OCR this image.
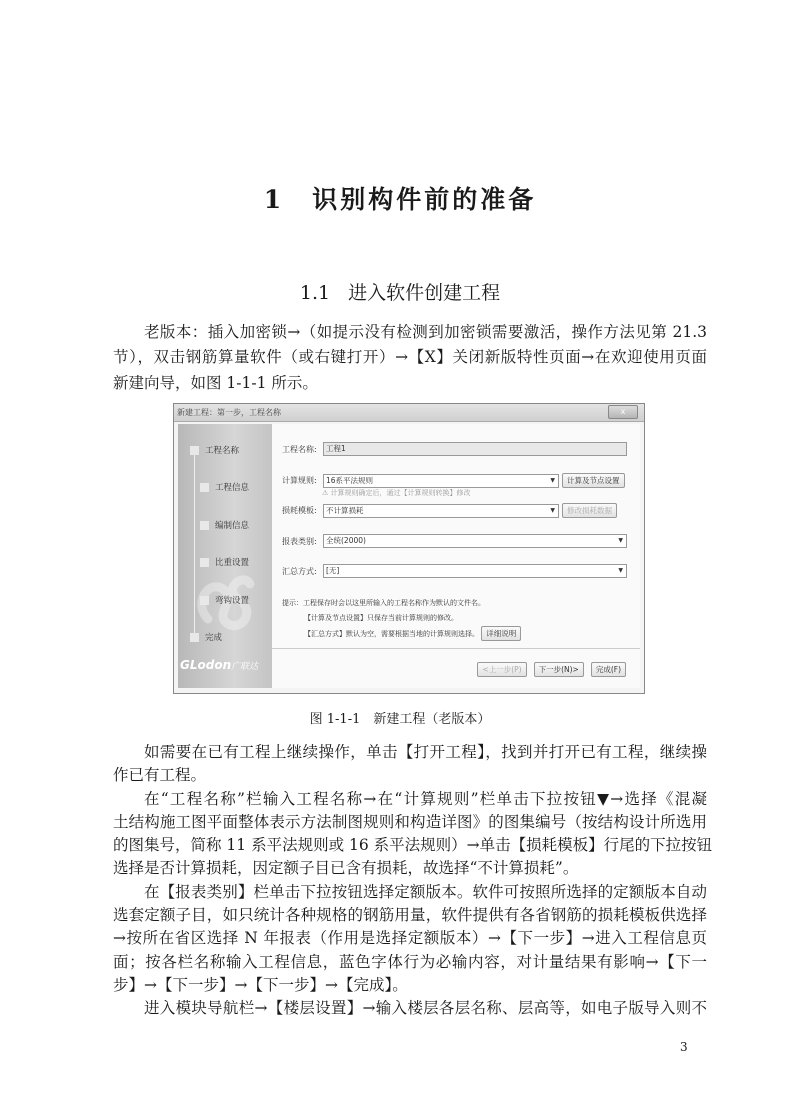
1 识别构件前的准备
1.1 进入软件创建工程
老版本：插入加密锁→（如提示没有检测到加密锁需要激活，操作方法见第 21.3
节），双击钢筋算量软件（或右键打开）→【X】关闭新版特性页面→在欢迎使用页面
新建向导，如图 1-1-1 所示。
新建工程：第一步，工程名称	x
工程名称
工程信息
编制信息
比重设置
弯钩设置
完成
GLodon广联达
工程名称:	工程1
计算规则:	16系平法规则	▼	计算及节点设置
⚠ 计算规则确定后，通过【计算规则转换】修改
损耗模板:	不计算损耗	▼	修改损耗数据
报表类别:	全统(2000)	▼
汇总方式:	[无]	▼
提示：工程保存时会以这里所输入的工程名称作为默认的文件名。
【计算及节点设置】只保存当前计算规则的修改。
【汇总方式】默认为空，需要根据当地的计算规则选择。 详细说明
<上一步(P)	下一步(N)>	完成(F)
图 1-1-1　新建工程（老版本）
如需要在已有工程上继续操作，单击【打开工程】，找到并打开已有工程，继续操
作已有工程。
在“工程名称”栏输入工程名称→在“计算规则”栏单击下拉按钮▼→选择《混凝
土结构施工图平面整体表示方法制图规则和构造详图》的图集编号（按结构设计所选用
的图集号，简称 11 系平法规则或 16 系平法规则）→单击【损耗模板】行尾的下拉按钮
选择是否计算损耗，因定额子目已含有损耗，故选择“不计算损耗”。
在【报表类别】栏单击下拉按钮选择定额版本。软件可按照所选择的定额版本自动
选套定额子目，如只统计各种规格的钢筋用量，软件提供有各省钢筋的损耗模板供选择
→按所在省区选择 N 年报表（作用是选择定额版本）→【下一步】→进入工程信息页
面；按各栏名称输入工程信息，蓝色字体行为必输内容，对计量结果有影响→【下一
步】→【下一步】→【下一步】→【完成】。
进入模块导航栏→【楼层设置】→输入楼层各层名称、层高等，如电子版导入则不
3
